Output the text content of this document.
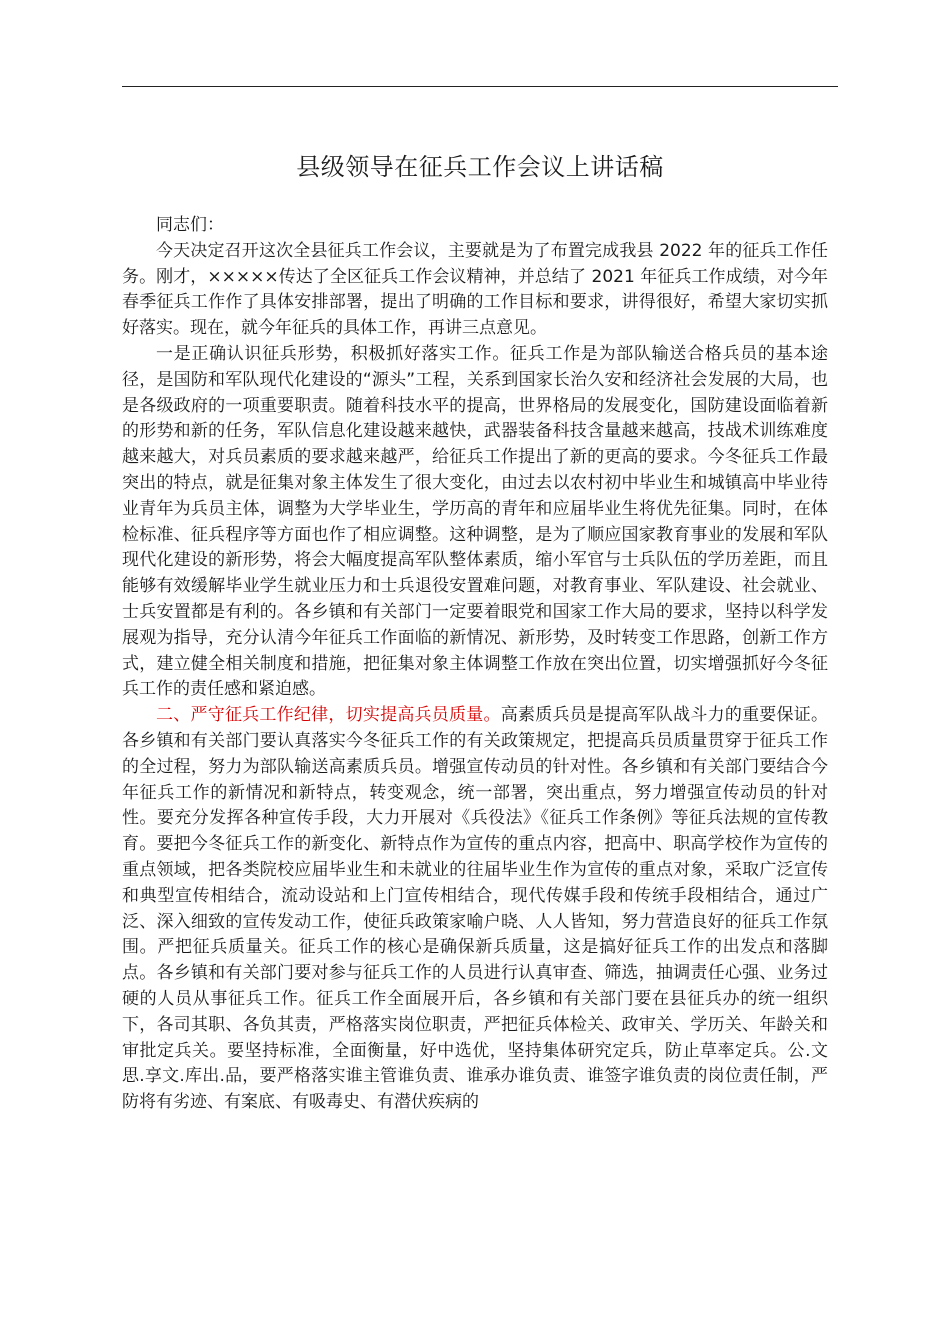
县级领导在征兵工作会议上讲话稿

同志们：

今天决定召开这次全县征兵工作会议，主要就是为了布置完成我县 2022 年的征兵工作任务。刚才，×××××传达了全区征兵工作会议精神，并总结了 2021 年征兵工作成绩，对今年春季征兵工作作了具体安排部署，提出了明确的工作目标和要求，讲得很好，希望大家切实抓好落实。现在，就今年征兵的具体工作，再讲三点意见。

一是正确认识征兵形势，积极抓好落实工作。征兵工作是为部队输送合格兵员的基本途径，是国防和军队现代化建设的“源头”工程，关系到国家长治久安和经济社会发展的大局，也是各级政府的一项重要职责。随着科技水平的提高，世界格局的发展变化，国防建设面临着新的形势和新的任务，军队信息化建设越来越快，武器装备科技含量越来越高，技战术训练难度越来越大，对兵员素质的要求越来越严，给征兵工作提出了新的更高的要求。今冬征兵工作最突出的特点，就是征集对象主体发生了很大变化，由过去以农村初中毕业生和城镇高中毕业待业青年为兵员主体，调整为大学毕业生，学历高的青年和应届毕业生将优先征集。同时，在体检标准、征兵程序等方面也作了相应调整。这种调整，是为了顺应国家教育事业的发展和军队现代化建设的新形势，将会大幅度提高军队整体素质，缩小军官与士兵队伍的学历差距，而且能够有效缓解毕业学生就业压力和士兵退役安置难问题，对教育事业、军队建设、社会就业、士兵安置都是有利的。各乡镇和有关部门一定要着眼党和国家工作大局的要求，坚持以科学发展观为指导，充分认清今年征兵工作面临的新情况、新形势，及时转变工作思路，创新工作方式，建立健全相关制度和措施，把征集对象主体调整工作放在突出位置，切实增强抓好今冬征兵工作的责任感和紧迫感。

二、严守征兵工作纪律，切实提高兵员质量。高素质兵员是提高军队战斗力的重要保证。各乡镇和有关部门要认真落实今冬征兵工作的有关政策规定，把提高兵员质量贯穿于征兵工作的全过程，努力为部队输送高素质兵员。增强宣传动员的针对性。各乡镇和有关部门要结合今年征兵工作的新情况和新特点，转变观念，统一部署，突出重点，努力增强宣传动员的针对性。要充分发挥各种宣传手段，大力开展对《兵役法》《征兵工作条例》等征兵法规的宣传教育。要把今冬征兵工作的新变化、新特点作为宣传的重点内容，把高中、职高学校作为宣传的重点领域，把各类院校应届毕业生和未就业的往届毕业生作为宣传的重点对象，采取广泛宣传和典型宣传相结合，流动设站和上门宣传相结合，现代传媒手段和传统手段相结合，通过广泛、深入细致的宣传发动工作，使征兵政策家喻户晓、人人皆知，努力营造良好的征兵工作氛围。严把征兵质量关。征兵工作的核心是确保新兵质量，这是搞好征兵工作的出发点和落脚点。各乡镇和有关部门要对参与征兵工作的人员进行认真审查、筛选，抽调责任心强、业务过硬的人员从事征兵工作。征兵工作全面展开后，各乡镇和有关部门要在县征兵办的统一组织下，各司其职、各负其责，严格落实岗位职责，严把征兵体检关、政审关、学历关、年龄关和审批定兵关。要坚持标准，全面衡量，好中选优，坚持集体研究定兵，防止草率定兵。公.文思.享文.库出.品，要严格落实谁主管谁负责、谁承办谁负责、谁签字谁负责的岗位责任制，严防将有劣迹、有案底、有吸毒史、有潜伏疾病的
